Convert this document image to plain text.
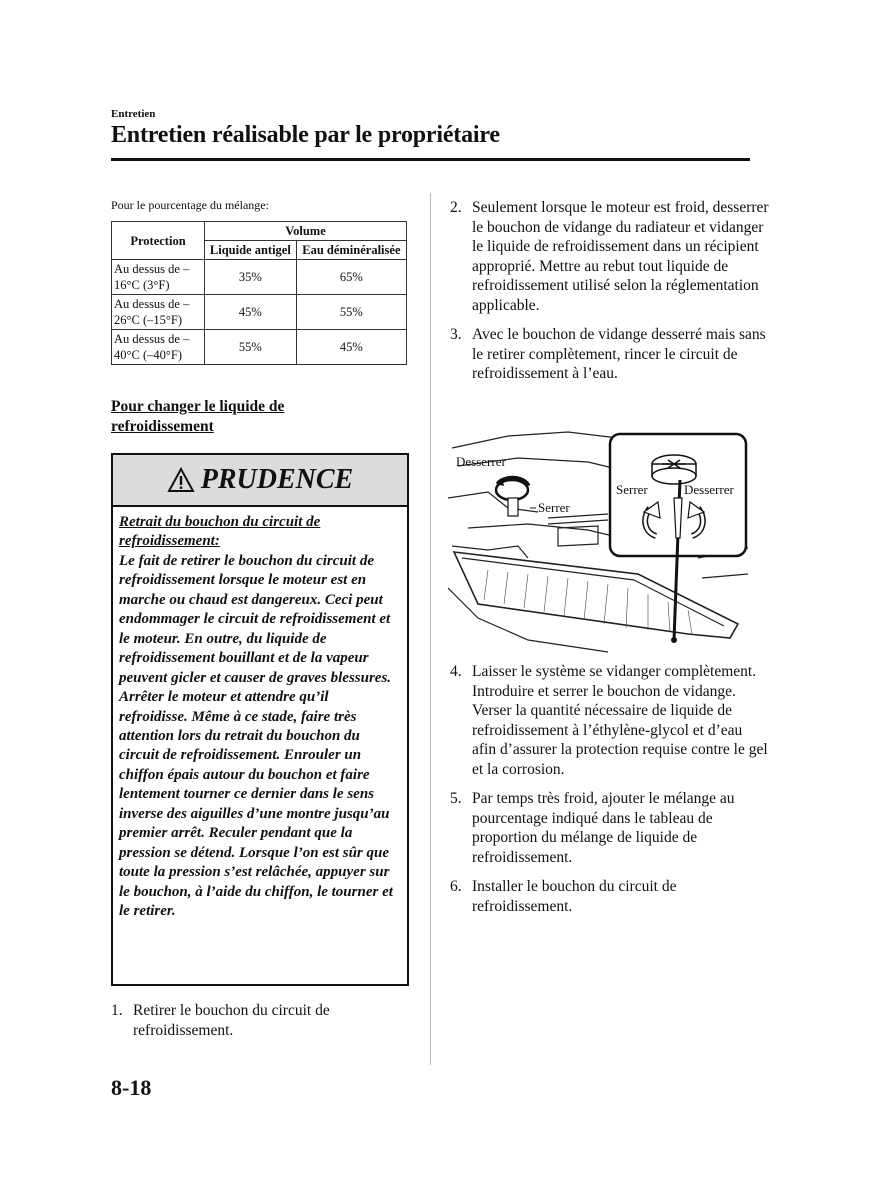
Entretien
Entretien réalisable par le propriétaire
Pour le pourcentage du mélange:
Protection	Volume	
	Liquide antigel	Eau déminéralisée
Au dessus de –16°C (3°F)	35%	65%
Au dessus de –26°C (–15°F)	45%	55%
Au dessus de –40°C (–40°F)	55%	45%
Pour changer le liquide de refroidissement
PRUDENCE
Retrait du bouchon du circuit de refroidissement:
Le fait de retirer le bouchon du circuit de refroidissement lorsque le moteur est en marche ou chaud est dangereux. Ceci peut endommager le circuit de refroidissement et le moteur. En outre, du liquide de refroidissement bouillant et de la vapeur peuvent gicler et causer de graves blessures. Arrêter le moteur et attendre qu’il refroidisse. Même à ce stade, faire très attention lors du retrait du bouchon du circuit de refroidissement. Enrouler un chiffon épais autour du bouchon et faire lentement tourner ce dernier dans le sens inverse des aiguilles d’une montre jusqu’au premier arrêt. Reculer pendant que la pression se détend. Lorsque l’on est sûr que toute la pression s’est relâchée, appuyer sur le bouchon, à l’aide du chiffon, le tourner et le retirer.
1. Retirer le bouchon du circuit de refroidissement.
2. Seulement lorsque le moteur est froid, desserrer le bouchon de vidange du radiateur et vidanger le liquide de refroidissement dans un récipient approprié. Mettre au rebut tout liquide de refroidissement utilisé selon la réglementation applicable.
3. Avec le bouchon de vidange desserré mais sans le retirer complètement, rincer le circuit de refroidissement à l’eau.
Desserrer
Serrer
Serrer	Desserrer
4. Laisser le système se vidanger complètement. Introduire et serrer le bouchon de vidange. Verser la quantité nécessaire de liquide de refroidissement à l’éthylène-glycol et d’eau afin d’assurer la protection requise contre le gel et la corrosion.
5. Par temps très froid, ajouter le mélange au pourcentage indiqué dans le tableau de proportion du mélange de liquide de refroidissement.
6. Installer le bouchon du circuit de refroidissement.
8-18
